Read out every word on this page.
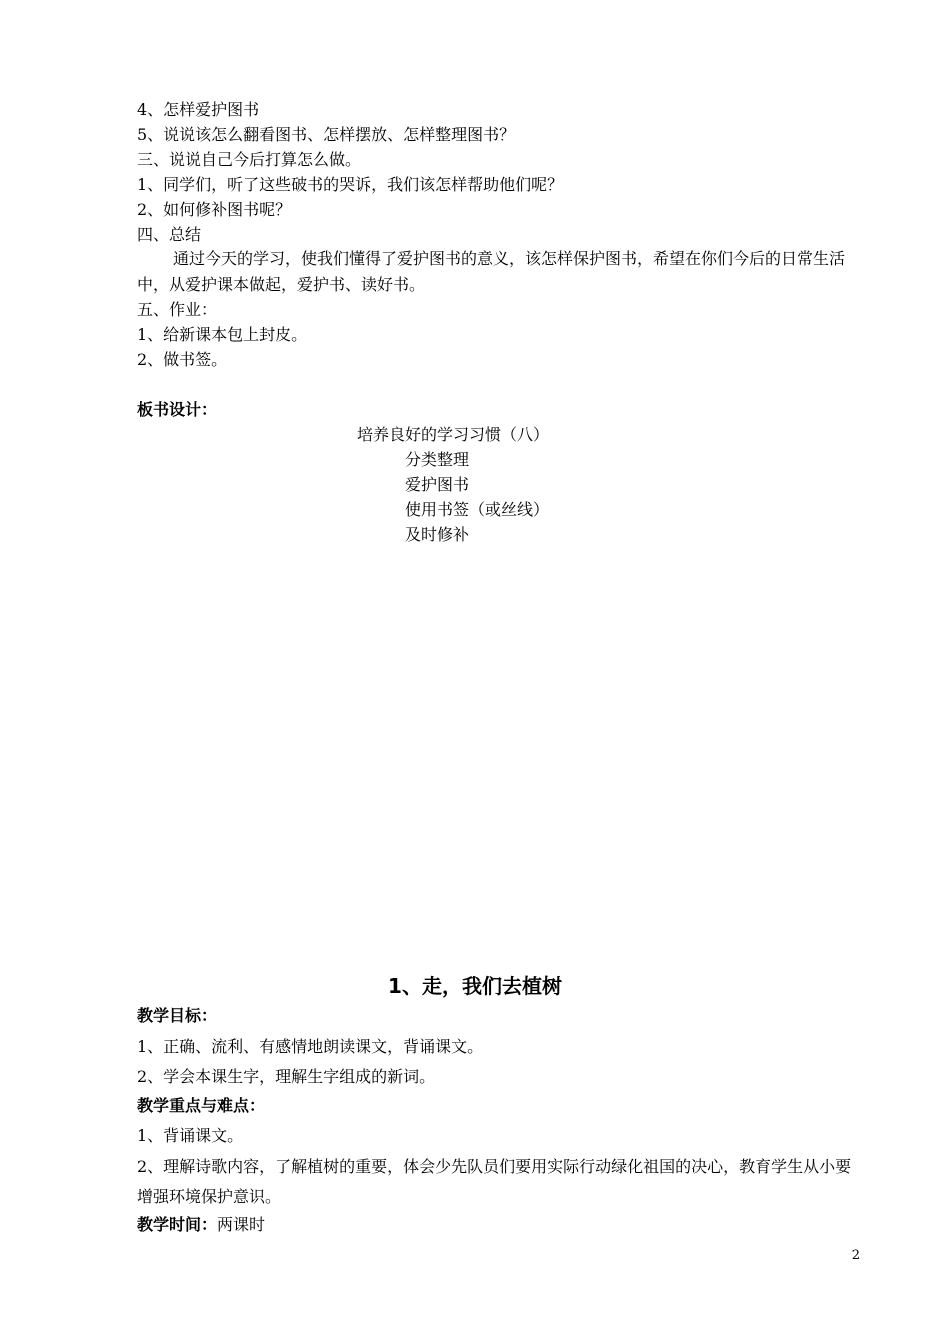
4、怎样爱护图书
5、说说该怎么翻看图书、怎样摆放、怎样整理图书？
三、说说自己今后打算怎么做。
1、同学们，听了这些破书的哭诉，我们该怎样帮助他们呢？
2、如何修补图书呢？
四、总结
通过今天的学习，使我们懂得了爱护图书的意义，该怎样保护图书，希望在你们今后的日常生活中，从爱护课本做起，爱护书、读好书。
五、作业：
1、给新课本包上封皮。
2、做书签。
板书设计：
培养良好的学习习惯（八）
分类整理
爱护图书
使用书签（或丝线）
及时修补
1、走，我们去植树
教学目标：
1、正确、流利、有感情地朗读课文，背诵课文。
2、学会本课生字，理解生字组成的新词。
教学重点与难点：
1、背诵课文。
2、理解诗歌内容，了解植树的重要，体会少先队员们要用实际行动绿化祖国的决心，教育学生从小要增强环境保护意识。
教学时间：两课时
2
